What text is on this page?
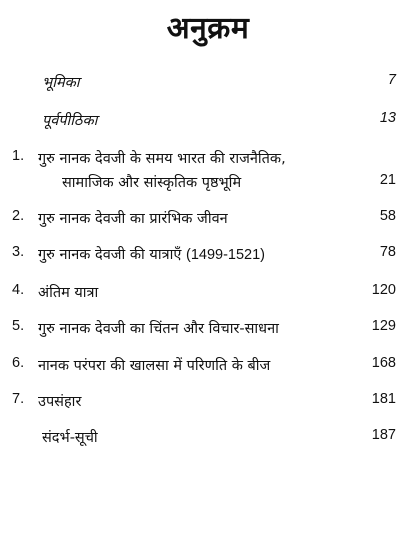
अनुक्रम
भूमिका	7
पूर्वपीठिका	13
1. गुरु नानक देवजी के समय भारत की राजनैतिक,
सामाजिक और सांस्कृतिक पृष्ठभूमि	21
2. गुरु नानक देवजी का प्रारंभिक जीवन	58
3. गुरु नानक देवजी की यात्राएँ (1499-1521)	78
4. अंतिम यात्रा	120
5. गुरु नानक देवजी का चिंतन और विचार-साधना	129
6. नानक परंपरा की खालसा में परिणति के बीज	168
7. उपसंहार	181
संदर्भ-सूची	187
